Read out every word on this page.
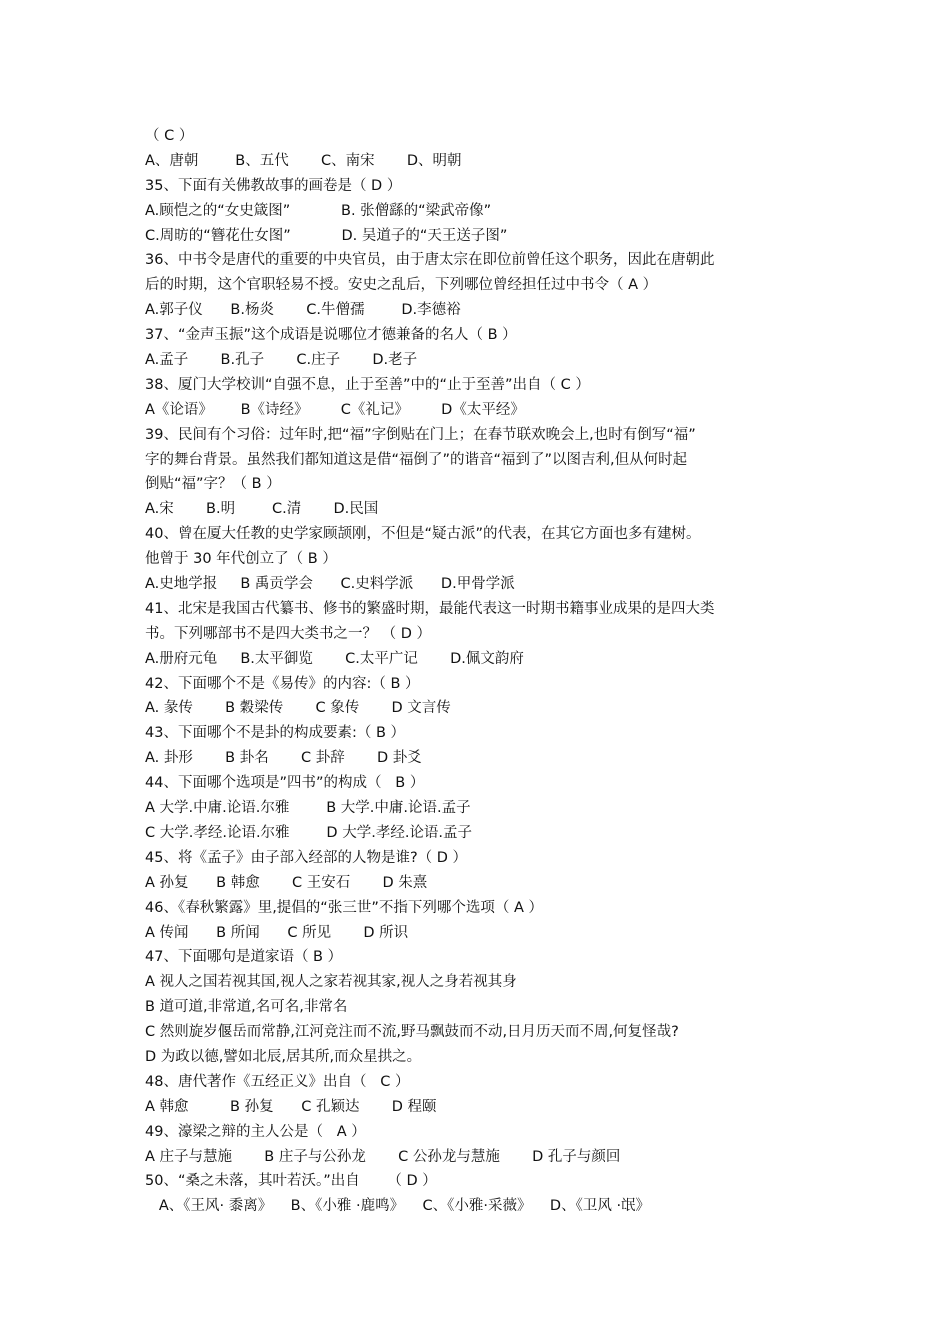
（ C ）
A、唐朝        B、五代       C、南宋       D、明朝
35、下面有关佛教故事的画卷是（ D ）
A.顾恺之的“女史箴图”           B. 张僧繇的“梁武帝像”
C.周昉的“簪花仕女图”           D. 吴道子的“天王送子图”
36、中书令是唐代的重要的中央官员，由于唐太宗在即位前曾任这个职务，因此在唐朝此
后的时期，这个官职轻易不授。安史之乱后，下列哪位曾经担任过中书令（ A ）
A.郭子仪      B.杨炎       C.牛僧孺        D.李德裕
37、“金声玉振”这个成语是说哪位才德兼备的名人（ B ）
A.孟子       B.孔子       C.庄子       D.老子
38、厦门大学校训“自强不息，止于至善”中的“止于至善”出自（ C ）
A《论语》      B《诗经》       C《礼记》       D《太平经》
39、民间有个习俗：过年时,把“福”字倒贴在门上；在春节联欢晚会上,也时有倒写“福”
字的舞台背景。虽然我们都知道这是借“福倒了”的谐音“福到了”以图吉利,但从何时起
倒贴“福”字？（ B ）
A.宋       B.明        C.清       D.民国
40、曾在厦大任教的史学家顾颉刚，不但是“疑古派”的代表，在其它方面也多有建树。
他曾于 30 年代创立了（ B ）
A.史地学报     B 禹贡学会      C.史料学派      D.甲骨学派
41、北宋是我国古代纂书、修书的繁盛时期，最能代表这一时期书籍事业成果的是四大类
书。下列哪部书不是四大类书之一？ （ D ）
A.册府元龟     B.太平御览       C.太平广记       D.佩文韵府
42、下面哪个不是《易传》的内容:（ B ）
A. 彖传       B 穀梁传       C 象传       D 文言传
43、下面哪个不是卦的构成要素:（ B ）
A. 卦形       B 卦名       C 卦辞       D 卦爻
44、下面哪个选项是”四书”的构成（   B ）
A 大学.中庸.论语.尔雅        B 大学.中庸.论语.孟子
C 大学.孝经.论语.尔雅        D 大学.孝经.论语.孟子
45、将《孟子》由子部入经部的人物是谁?（ D ）
A 孙复      B 韩愈       C 王安石       D 朱熹
46、《春秋繁露》里,提倡的“张三世”不指下列哪个选项（ A ）
A 传闻      B 所闻      C 所见       D 所识
47、下面哪句是道家语（ B ）
A 视人之国若视其国,视人之家若视其家,视人之身若视其身
B 道可道,非常道,名可名,非常名
C 然则旋岁偃岳而常静,江河竞注而不流,野马飘鼓而不动,日月历天而不周,何复怪哉?
D 为政以德,譬如北辰,居其所,而众星拱之。
48、唐代著作《五经正义》出自（   C ）
A 韩愈         B 孙复      C 孔颖达       D 程颐
49、濠梁之辩的主人公是（   A ）
A 庄子与慧施       B 庄子与公孙龙       C 公孙龙与慧施       D 孔子与颜回
50、“桑之未落，其叶若沃。”出自      （ D ）
A、《王风· 黍离》    B、《小雅 ·鹿鸣》    C、《小雅·采薇》    D、《卫风 ·氓》
